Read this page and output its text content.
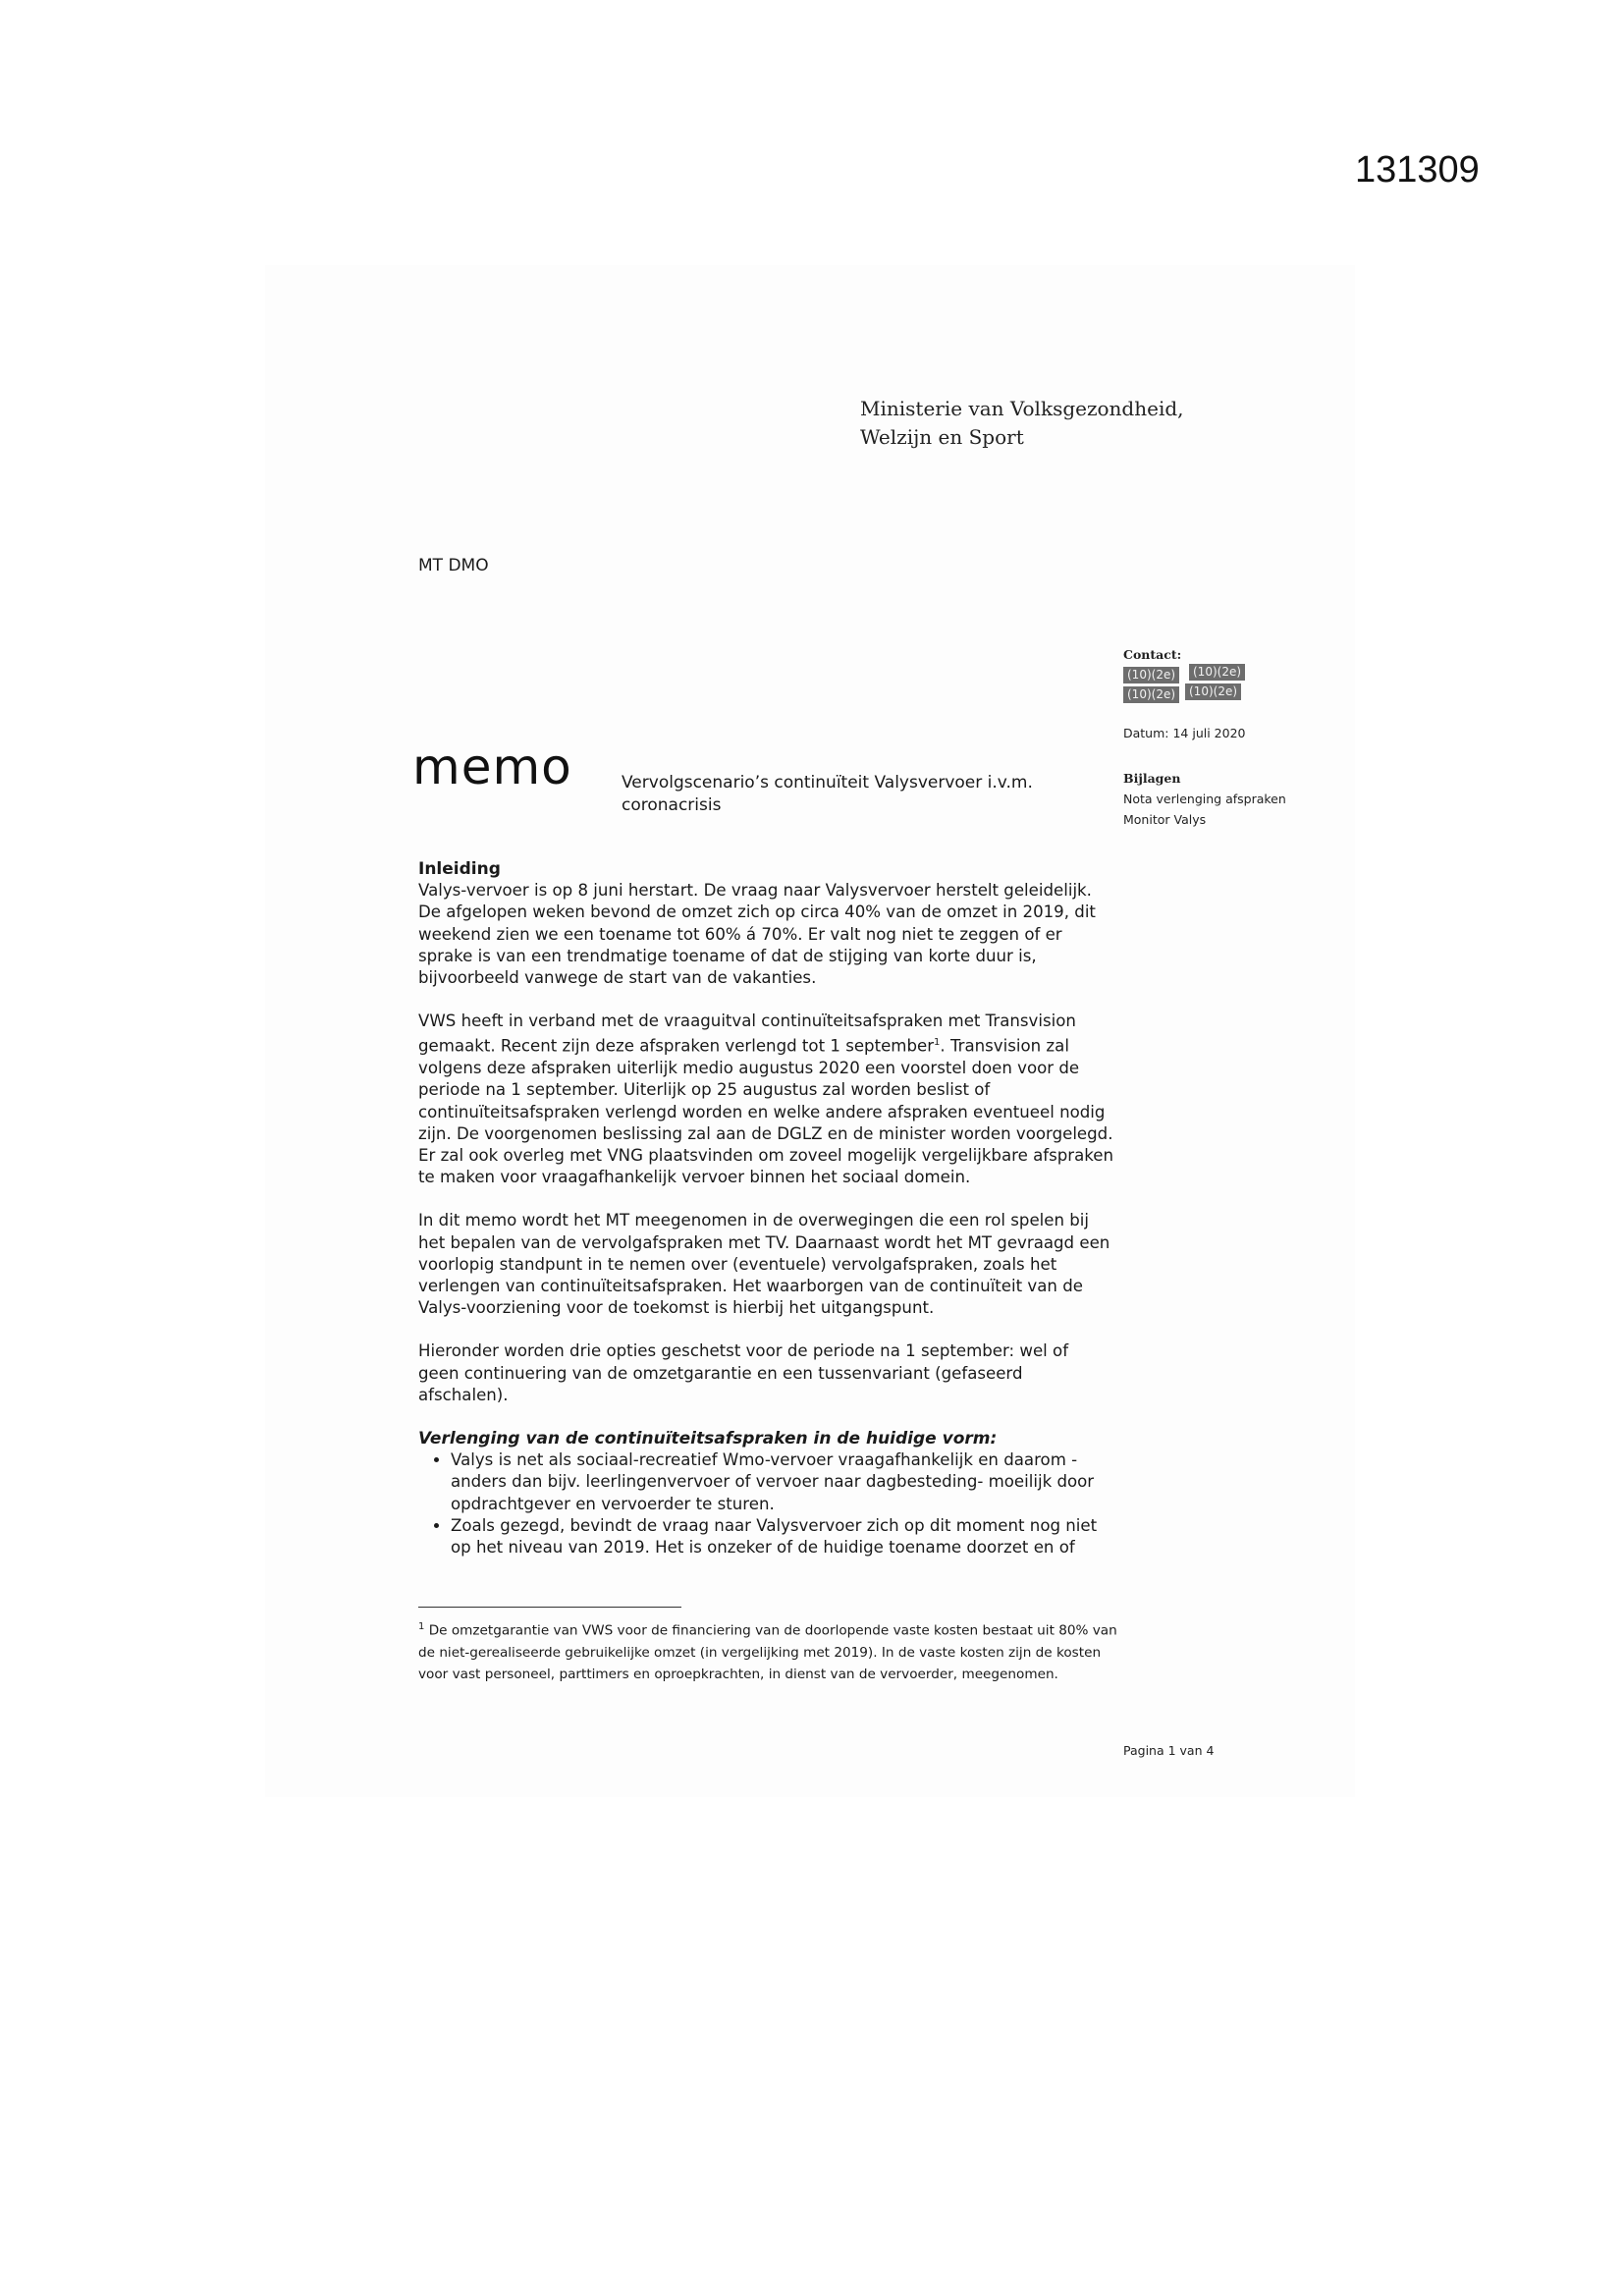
131309
Ministerie van Volksgezondheid,
Welzijn en Sport
MT DMO
Contact:
(10)(2e) (10)(2e)
(10)(2e) (10)(2e)
Datum: 14 juli 2020
Bijlagen
Nota verlenging afspraken
Monitor Valys
memo	Vervolgscenario’s continuïteit Valysvervoer i.v.m. coronacrisis
Inleiding

Valys-vervoer is op 8 juni herstart. De vraag naar Valysvervoer herstelt geleidelijk. De afgelopen weken bevond de omzet zich op circa 40% van de omzet in 2019, dit weekend zien we een toename tot 60% á 70%. Er valt nog niet te zeggen of er sprake is van een trendmatige toename of dat de stijging van korte duur is, bijvoorbeeld vanwege de start van de vakanties.

VWS heeft in verband met de vraaguitval continuïteitsafspraken met Transvision gemaakt. Recent zijn deze afspraken verlengd tot 1 september$^1$. Transvision zal volgens deze afspraken uiterlijk medio augustus 2020 een voorstel doen voor de periode na 1 september. Uiterlijk op 25 augustus zal worden beslist of continuïteitsafspraken verlengd worden en welke andere afspraken eventueel nodig zijn. De voorgenomen beslissing zal aan de DGLZ en de minister worden voorgelegd. Er zal ook overleg met VNG plaatsvinden om zoveel mogelijk vergelijkbare afspraken te maken voor vraagafhankelijk vervoer binnen het sociaal domein.

In dit memo wordt het MT meegenomen in de overwegingen die een rol spelen bij het bepalen van de vervolgafspraken met TV. Daarnaast wordt het MT gevraagd een voorlopig standpunt in te nemen over (eventuele) vervolgafspraken, zoals het verlengen van continuïteitsafspraken. Het waarborgen van de continuïteit van de Valys-voorziening voor de toekomst is hierbij het uitgangspunt.

Hieronder worden drie opties geschetst voor de periode na 1 september: wel of geen continuering van de omzetgarantie en een tussenvariant (gefaseerd afschalen).

Verlenging van de continuïteitsafspraken in de huidige vorm:
• Valys is net als sociaal-recreatief Wmo-vervoer vraagafhankelijk en daarom - anders dan bijv. leerlingenvervoer of vervoer naar dagbesteding- moeilijk door opdrachtgever en vervoerder te sturen.
• Zoals gezegd, bevindt de vraag naar Valysvervoer zich op dit moment nog niet op het niveau van 2019. Het is onzeker of de huidige toename doorzet en of
$^1$ De omzetgarantie van VWS voor de financiering van de doorlopende vaste kosten bestaat uit 80% van de niet-gerealiseerde gebruikelijke omzet (in vergelijking met 2019). In de vaste kosten zijn de kosten voor vast personeel, parttimers en oproepkrachten, in dienst van de vervoerder, meegenomen.
Pagina 1 van 4
